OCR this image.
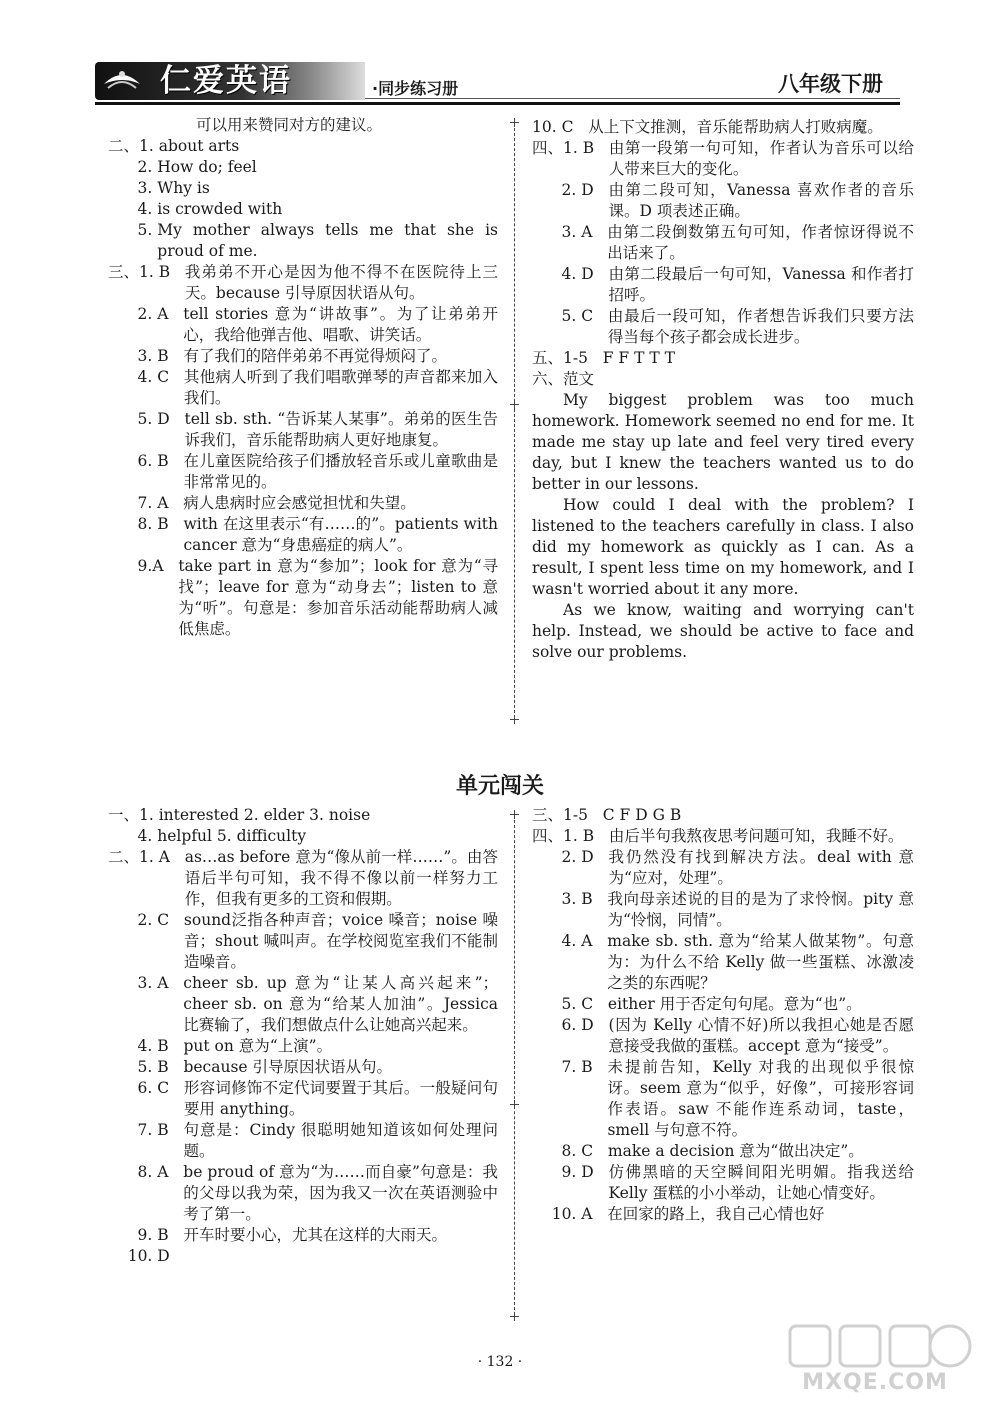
仁爱英语	·同步练习册	八年级下册
可以用来赞同对方的建议。
二、1. about arts
2. How do; feel
3. Why is
4. is crowded with
5. My mother always tells me that she is proud of me.
三、1. B 我弟弟不开心是因为他不得不在医院待上三天。because 引导原因状语从句。
2. A tell stories 意为“讲故事”。为了让弟弟开心，我给他弹吉他、唱歌、讲笑话。
3. B 有了我们的陪伴弟弟不再觉得烦闷了。
4. C 其他病人听到了我们唱歌弹琴的声音都来加入我们。
5. D tell sb. sth. “告诉某人某事”。弟弟的医生告诉我们，音乐能帮助病人更好地康复。
6. B 在儿童医院给孩子们播放轻音乐或儿童歌曲是非常常见的。
7. A 病人患病时应会感觉担忧和失望。
8. B with 在这里表示“有……的”。patients with cancer 意为“身患癌症的病人”。
9.A take part in 意为“参加”；look for 意为“寻找”；leave for 意为“动身去”；listen to 意为“听”。句意是：参加音乐活动能帮助病人减低焦虑。
10. C 从上下文推测，音乐能帮助病人打败病魔。
四、1. B 由第一段第一句可知，作者认为音乐可以给人带来巨大的变化。
2. D 由第二段可知，Vanessa 喜欢作者的音乐课。D 项表述正确。
3. A 由第二段倒数第五句可知，作者惊讶得说不出话来了。
4. D 由第二段最后一句可知，Vanessa 和作者打招呼。
5. C 由最后一段可知，作者想告诉我们只要方法得当每个孩子都会成长进步。
五、1-5 F F T T T
六、 范文

My biggest problem was too much homework. Homework seemed no end for me. It made me stay up late and feel very tired every day, but I knew the teachers wanted us to do better in our lessons.

How could I deal with the problem? I listened to the teachers carefully in class. I also did my homework as quickly as I can. As a result, I spent less time on my homework, and I wasn't worried about it any more.

As we know, waiting and worrying can't help. Instead, we should be active to face and solve our problems.

单元闯关
一、1. interested 2. elder 3. noise
4. helpful 5. difficulty
二、1. A as…as before 意为“像从前一样……”。由答语后半句可知，我不得不像以前一样努力工作，但我有更多的工资和假期。
2. C sound泛指各种声音；voice 嗓音；noise 噪音；shout 喊叫声。在学校阅览室我们不能制造噪音。
3. A cheer sb. up 意为“让某人高兴起来”；cheer sb. on 意为“给某人加油”。Jessica 比赛输了，我们想做点什么让她高兴起来。
4. B put on 意为“上演”。
5. B because 引导原因状语从句。
6. C 形容词修饰不定代词要置于其后。一般疑问句要用 anything。
7. B 句意是：Cindy 很聪明她知道该如何处理问题。
8. A be proud of 意为“为……而自豪”句意是：我的父母以我为荣，因为我又一次在英语测验中考了第一。
9. B 开车时要小心，尤其在这样的大雨天。
10. D
三、1-5 C F D G B
四、1. B 由后半句我熬夜思考问题可知，我睡不好。
2. D 我仍然没有找到解决方法。deal with 意为“应对，处理”。
3. B 我向母亲述说的目的是为了求怜悯。pity 意为“怜悯，同情”。
4. A make sb. sth. 意为“给某人做某物”。句意为：为什么不给 Kelly 做一些蛋糕、冰激凌之类的东西呢？
5. C either 用于否定句句尾。意为“也”。
6. D (因为 Kelly 心情不好)所以我担心她是否愿意接受我做的蛋糕。accept 意为“接受”。
7. B 未提前告知，Kelly 对我的出现似乎很惊讶。seem 意为“似乎，好像”，可接形容词作表语。saw 不能作连系动词，taste，smell 与句意不符。
8. C make a decision 意为“做出决定”。
9. D 仿佛黑暗的天空瞬间阳光明媚。指我送给 Kelly 蛋糕的小小举动，让她心情变好。
10. A 在回家的路上，我自己心情也好
· 132 ·
MXQE.COM
